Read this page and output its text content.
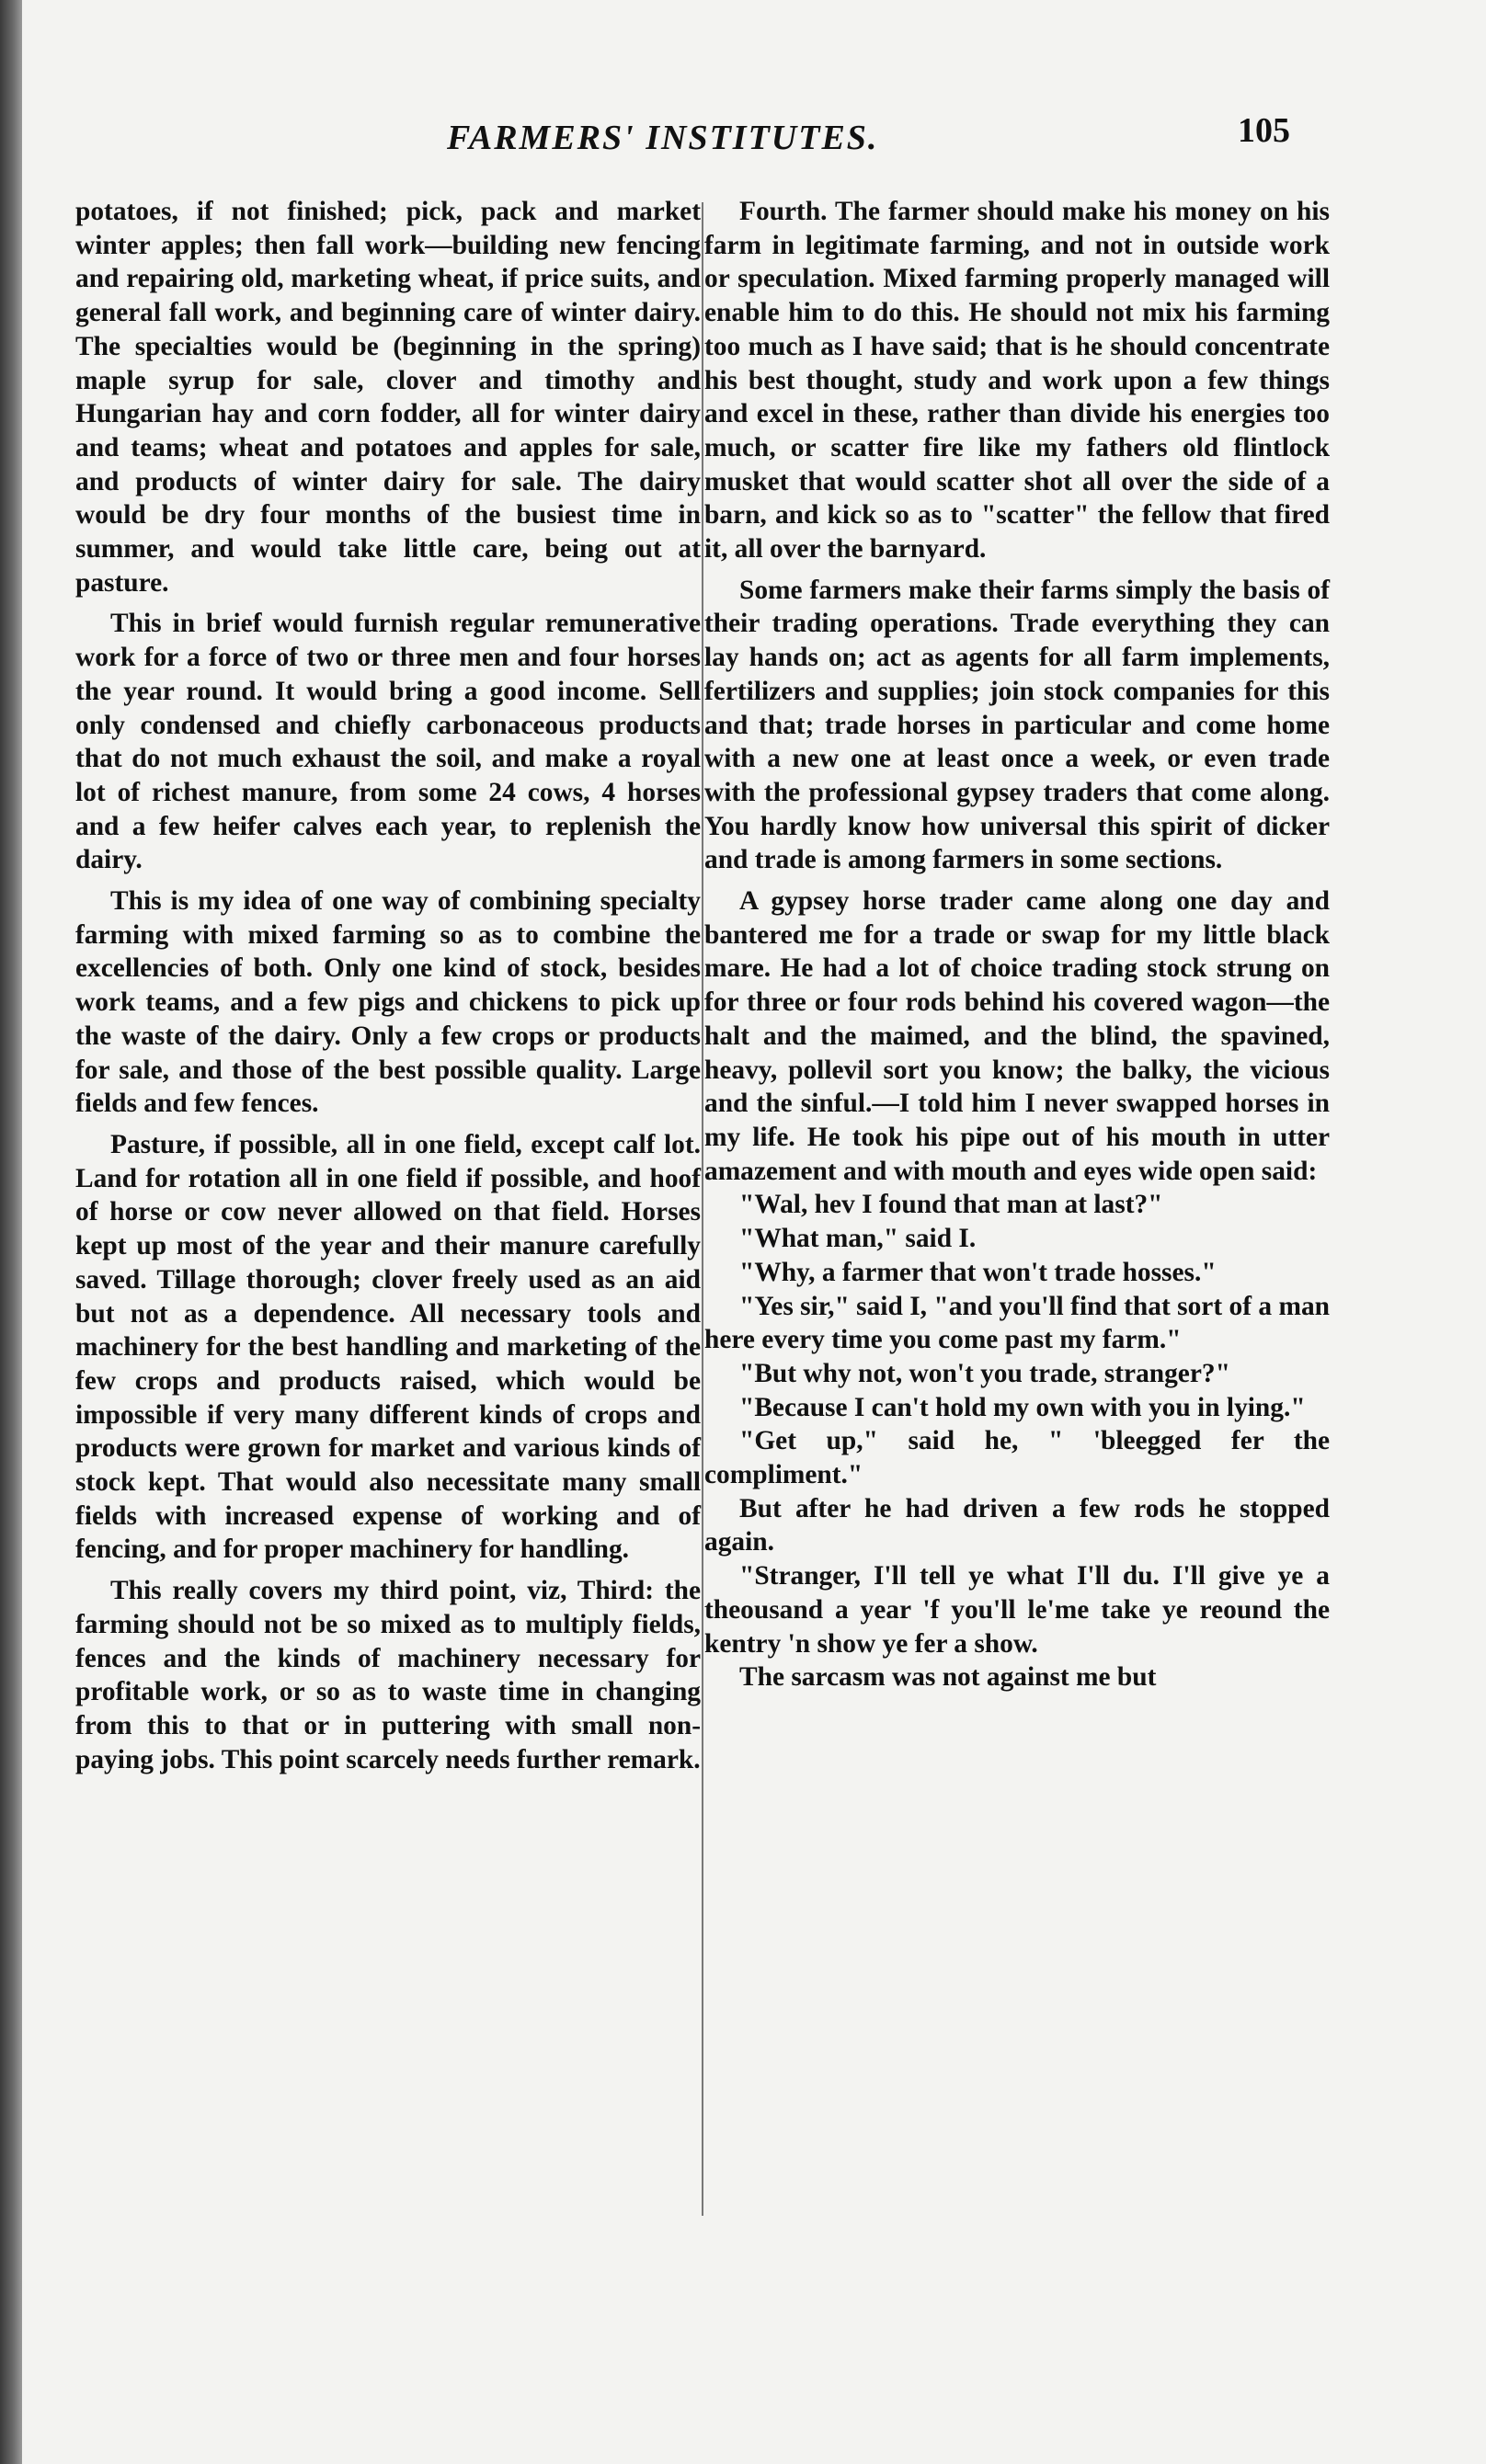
FARMERS' INSTITUTES.	105

potatoes, if not finished; pick, pack and market winter apples; then fall work—building new fencing and repairing old, marketing wheat, if price suits, and general fall work, and beginning care of winter dairy. The specialties would be (beginning in the spring) maple syrup for sale, clover and timothy and Hungarian hay and corn fodder, all for winter dairy and teams; wheat and potatoes and apples for sale, and products of winter dairy for sale. The dairy would be dry four months of the busiest time in summer, and would take little care, being out at pasture.

This in brief would furnish regular remunerative work for a force of two or three men and four horses the year round. It would bring a good income. Sell only condensed and chiefly carbonaceous products that do not much exhaust the soil, and make a royal lot of richest manure, from some 24 cows, 4 horses and a few heifer calves each year, to replenish the dairy.

This is my idea of one way of combining specialty farming with mixed farming so as to combine the excellencies of both. Only one kind of stock, besides work teams, and a few pigs and chickens to pick up the waste of the dairy. Only a few crops or products for sale, and those of the best possible quality. Large fields and few fences.

Pasture, if possible, all in one field, except calf lot. Land for rotation all in one field if possible, and hoof of horse or cow never allowed on that field. Horses kept up most of the year and their manure carefully saved. Tillage thorough; clover freely used as an aid but not as a dependence. All necessary tools and machinery for the best handling and marketing of the few crops and products raised, which would be impossible if very many different kinds of crops and products were grown for market and various kinds of stock kept. That would also necessitate many small fields with increased expense of working and of fencing, and for proper machinery for handling.

This really covers my third point, viz, Third: the farming should not be so mixed as to multiply fields, fences and the kinds of machinery necessary for profitable work, or so as to waste time in changing from this to that or in puttering with small non-paying jobs. This point scarcely needs further remark.

Fourth. The farmer should make his money on his farm in legitimate farming, and not in outside work or speculation. Mixed farming properly managed will enable him to do this. He should not mix his farming too much as I have said; that is he should concentrate his best thought, study and work upon a few things and excel in these, rather than divide his energies too much, or scatter fire like my fathers old flintlock musket that would scatter shot all over the side of a barn, and kick so as to "scatter" the fellow that fired it, all over the barnyard.

Some farmers make their farms simply the basis of their trading operations. Trade everything they can lay hands on; act as agents for all farm implements, fertilizers and supplies; join stock companies for this and that; trade horses in particular and come home with a new one at least once a week, or even trade with the professional gypsey traders that come along. You hardly know how universal this spirit of dicker and trade is among farmers in some sections.

A gypsey horse trader came along one day and bantered me for a trade or swap for my little black mare. He had a lot of choice trading stock strung on for three or four rods behind his covered wagon—the halt and the maimed, and the blind, the spavined, heavy, pollevil sort you know; the balky, the vicious and the sinful.—I told him I never swapped horses in my life. He took his pipe out of his mouth in utter amazement and with mouth and eyes wide open said:

"Wal, hev I found that man at last?"

"What man," said I.

"Why, a farmer that won't trade hosses."

"Yes sir," said I, "and you'll find that sort of a man here every time you come past my farm."

"But why not, won't you trade, stranger?"

"Because I can't hold my own with you in lying."

"Get up," said he, " 'bleegged fer the compliment."

But after he had driven a few rods he stopped again.

"Stranger, I'll tell ye what I'll du. I'll give ye a theousand a year 'f you'll le'me take ye reound the kentry 'n show ye fer a show.

The sarcasm was not against me but
